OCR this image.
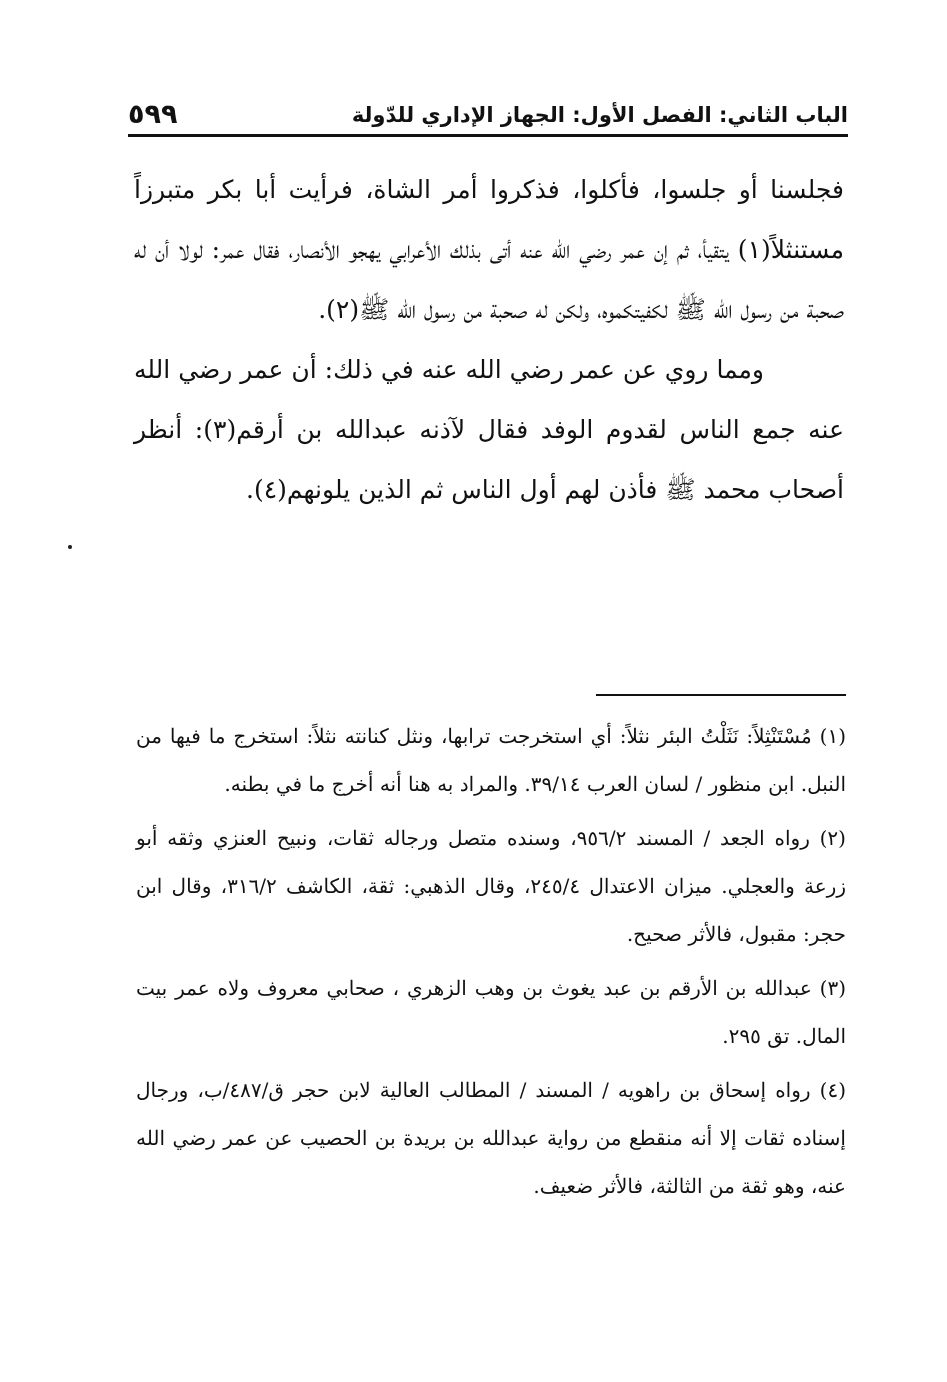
الباب الثاني: الفصل الأول: الجهاز الإداري للدّولة
٥٩٩

فجلسنا أو جلسوا، فأكلوا، فذكروا أمر الشاة، فرأيت أبا بكر متبرزاً مستنثلاً(١) يتقيأ، ثم إن عمر رضي الله عنه أتى بذلك الأعرابي يهجو الأنصار، فقال عمر: لولا أن له صحبة من رسول الله ﷺ لكفيتكموه، ولكن له صحبة من رسول الله ﷺ(٢).

ومما روي عن عمر رضي الله عنه في ذلك: أن عمر رضي الله عنه جمع الناس لقدوم الوفد فقال لآذنه عبدالله بن أرقم(٣): أنظر أصحاب محمد ﷺ فأذن لهم أول الناس ثم الذين يلونهم(٤).

(١) مُسْتَنْثِلاً: نَثَلْتُ البئر نثلاً: أي استخرجت ترابها، ونثل كنانته نثلاً: استخرج ما فيها من النبل. ابن منظور / لسان العرب ٣٩/١٤. والمراد به هنا أنه أخرج ما في بطنه.

(٢) رواه الجعد / المسند ٩٥٦/٢، وسنده متصل ورجاله ثقات، ونبيح العنزي وثقه أبو زرعة والعجلي. ميزان الاعتدال ٢٤٥/٤، وقال الذهبي: ثقة، الكاشف ٣١٦/٢، وقال ابن حجر: مقبول، فالأثر صحيح.

(٣) عبدالله بن الأرقم بن عبد يغوث بن وهب الزهري ، صحابي معروف ولاه عمر بيت المال. تق ٢٩٥.

(٤) رواه إسحاق بن راهويه / المسند / المطالب العالية لابن حجر ق/٤٨٧/ب، ورجال إسناده ثقات إلا أنه منقطع من رواية عبدالله بن بريدة بن الحصيب عن عمر رضي الله عنه، وهو ثقة من الثالثة، فالأثر ضعيف.
